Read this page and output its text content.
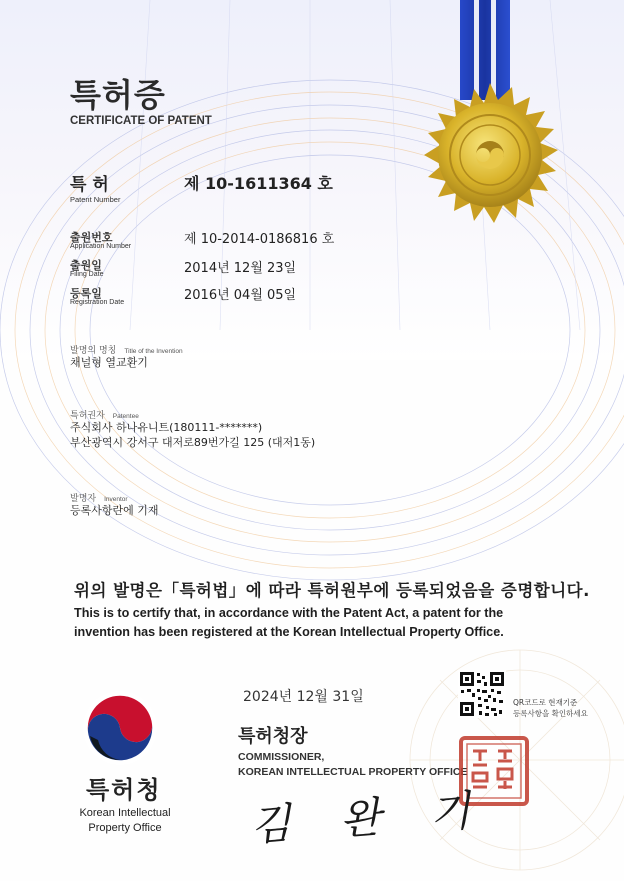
특허증
CERTIFICATE OF PATENT
특 허
Patent Number
제 10-1611364 호
출원번호
Application Number	제 10-2014-0186816 호
출원일
Filing Date	2014년 12월 23일
등록일
Registration Date	2016년 04월 05일
발명의 명칭 Title of the Invention
채널형 열교환기
특허권자 Patentee
주식회사 하나유니트(180111-*******)
부산광역시 강서구 대저로89번가길 125 (대저1동)
발명자 Inventor
등록사항란에 기재
위의 발명은「특허법」에 따라 특허원부에 등록되었음을 증명합니다.
This is to certify that, in accordance with the Patent Act, a patent for the
invention has been registered at the Korean Intellectual Property Office.
2024년 12월 31일	QR코드로 현재기준
등록사항을 확인하세요
특허청장
COMMISSIONER,
KOREAN INTELLECTUAL PROPERTY OFFICE
특허청
Korean Intellectual
Property Office	김 완 기
